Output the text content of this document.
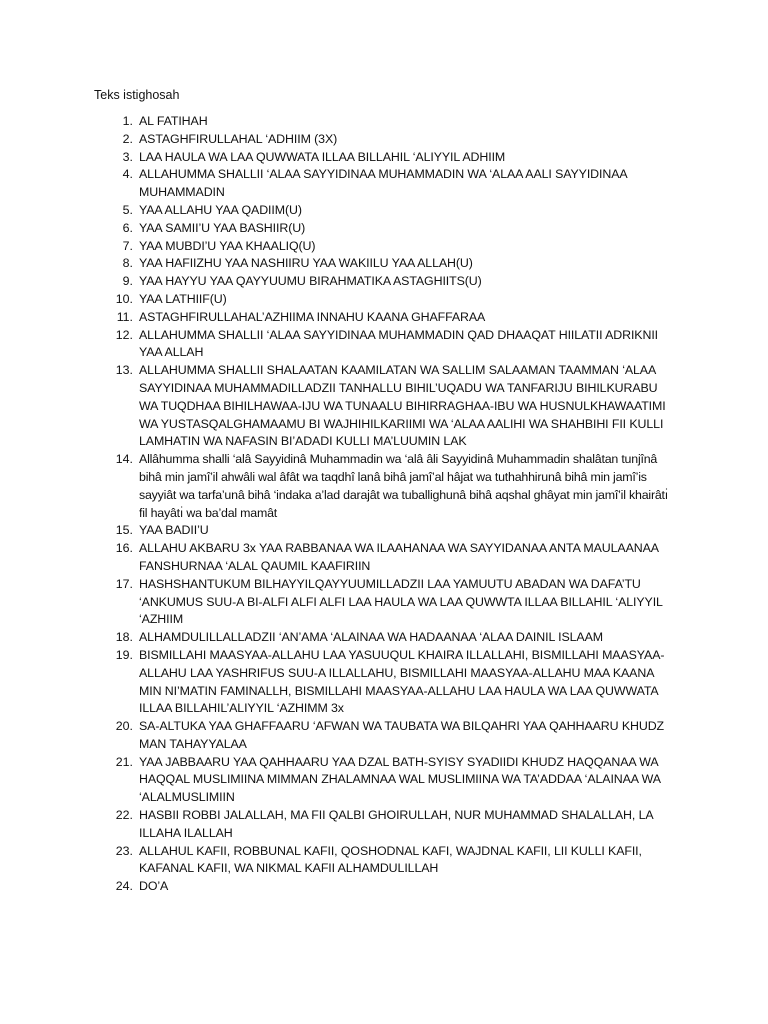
Teks istighosah
1. AL FATIHAH
2. ASTAGHFIRULLAHAL ‘ADHIIM (3X)
3. LAA HAULA WA LAA QUWWATA ILLAA BILLAHIL ‘ALIYYIL ADHIIM
4. ALLAHUMMA SHALLII ‘ALAA SAYYIDINAA MUHAMMADIN WA ‘ALAA AALI SAYYIDINAA MUHAMMADIN
5. YAA ALLAHU YAA QADIIM(U)
6. YAA SAMII’U YAA BASHIIR(U)
7. YAA MUBDI’U YAA KHAALIQ(U)
8. YAA HAFIIZHU YAA NASHIIRU YAA WAKIILU YAA ALLAH(U)
9. YAA HAYYU YAA QAYYUUMU BIRAHMATIKA ASTAGHIITS(U)
10. YAA LATHIIF(U)
11. ASTAGHFIRULLAHAL’AZHIIMA INNAHU KAANA GHAFFARAA
12. ALLAHUMMA SHALLII ‘ALAA SAYYIDINAA MUHAMMADIN QAD DHAAQAT HIILATII ADRIKNII YAA ALLAH
13. ALLAHUMMA SHALLII SHALAATAN KAAMILATAN WA SALLIM SALAAMAN TAAMMAN ‘ALAA SAYYIDINAA MUHAMMADILLADZII TANHALLU BIHIL’UQADU WA TANFARIJU BIHILKURABU WA TUQDHAA BIHILHAWAA-IJU WA TUNAALU BIHIRRAGHAA-IBU WA HUSNULKHAWAATIMI WA YUSTASQALGHAMAAMU BI WAJHIHILKARIIMI WA ‘ALAA AALIHI WA SHAHBIHI FII KULLI LAMHATIN WA NAFASIN BI’ADADI KULLI MA’LUUMIN LAK
14. Allâhumma shalli ‘alâ Sayyidinâ Muhammadin wa ‘alâ âli Sayyidinâ Muhammadin shalâtan tunjînâ bihâ min jamî’il ahwâli wal âfât wa taqdhî lanâ bihâ jamî’al hâjat wa tuthahhirunâ bihâ min jamî’is sayyiât wa tarfa’unâ bihâ ‘indaka a’lad darajât wa tuballighunâ bihâ aqshal ghâyat min jamî’il khairâtı̇ fil hayâtı̇ wa ba’dal mamât
15. YAA BADII’U
16. ALLAHU AKBARU 3x YAA RABBANAA WA ILAAHANAA WA SAYYIDANAA ANTA MAULAANAA FANSHURNAA ‘ALAL QAUMIL KAAFIRIIN
17. HASHSHANTUKUM BILHAYYILQAYYUUMILLADZII LAA YAMUUTU ABADAN WA DAFA’TU ‘ANKUMUS SUU-A BI-ALFI ALFI ALFI LAA HAULA WA LAA QUWWTA ILLAA BILLAHIL ‘ALIYYIL ‘AZHIIM
18. ALHAMDULILLALLADZII ‘AN’AMA ‘ALAINAA WA HADAANAA ‘ALAA DAINIL ISLAAM
19. BISMILLAHI MAASYAA-ALLAHU LAA YASUUQUL KHAIRA ILLALLAHI, BISMILLAHI MAASYAA-ALLAHU LAA YASHRIFUS SUU-A ILLALLAHU, BISMILLAHI MAASYAA-ALLAHU MAA KAANA MIN NI’MATIN FAMINALLH, BISMILLAHI MAASYAA-ALLAHU LAA HAULA WA LAA QUWWATA ILLAA BILLAHIL’ALIYYIL ‘AZHIMM 3x
20. SA-ALTUKA YAA GHAFFAARU ‘AFWAN WA TAUBATA WA BILQAHRI YAA QAHHAARU KHUDZ MAN TAHAYYALAA
21. YAA JABBAARU YAA QAHHAARU YAA DZAL BATH-SYISY SYADIIDI KHUDZ HAQQANAA WA HAQQAL MUSLIMIINA MIMMAN ZHALAMNAA WAL MUSLIMIINA WA TA’ADDAA ‘ALAINAA WA ‘ALALMUSLIMIIN
22. HASBII ROBBI JALALLAH, MA FII QALBI GHOIRULLAH, NUR MUHAMMAD SHALALLAH, LA ILLAHA ILALLAH
23. ALLAHUL KAFII, ROBBUNAL KAFII, QOSHODNAL KAFI, WAJDNAL KAFII, LII KULLI KAFII, KAFANAL KAFII, WA NIKMAL KAFII ALHAMDULILLAH
24. DO’A
